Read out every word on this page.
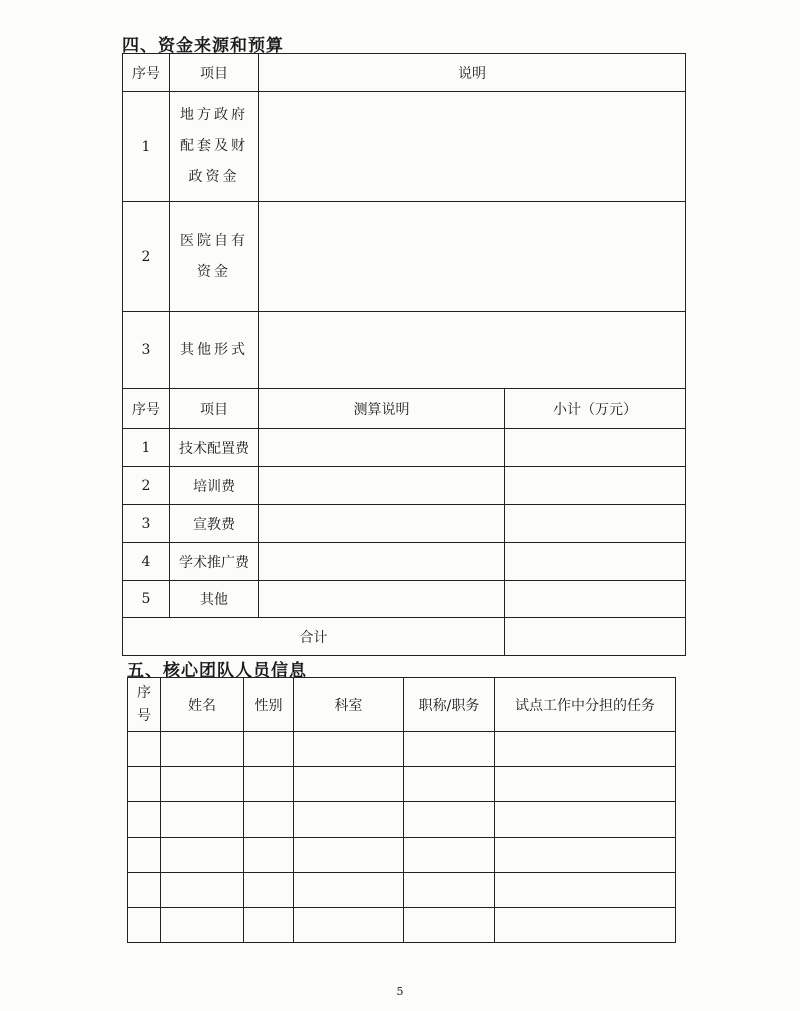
四、资金来源和预算
序号	项目	说明	
1	地方政府
配套及财
政资金		
2	医院自有
资金		
3	其他形式		
序号	项目	测算说明	小计（万元）
1	技术配置费		
2	培训费		
3	宣教费		
4	学术推广费		
5	其他		
合计			
五、核心团队人员信息
序
号	姓名	性别	科室	职称/职务	试点工作中分担的任务

5
